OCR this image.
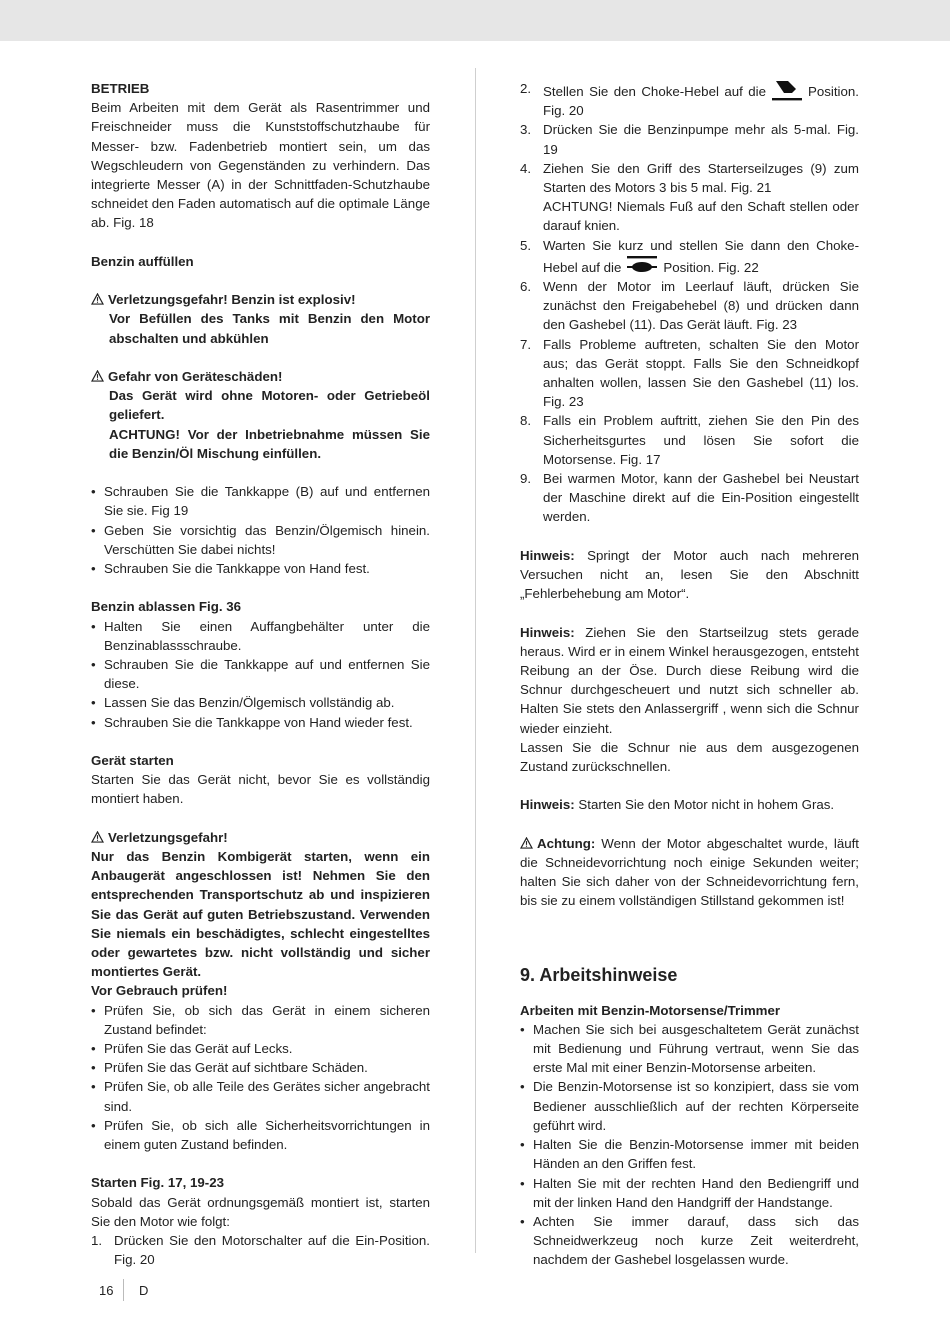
BETRIEB

Beim Arbeiten mit dem Gerät als Rasentrimmer und Freischneider muss die Kunststoffschutzhaube für Messer- bzw. Fadenbetrieb montiert sein, um das Wegschleudern von Gegenständen zu verhindern. Das integrierte Messer (A) in der Schnittfaden-Schutzhaube schneidet den Faden automatisch auf die optimale Länge ab. Fig. 18

Benzin auffüllen

Verletzungsgefahr! Benzin ist explosiv!

Vor Befüllen des Tanks mit Benzin den Motor abschalten und abkühlen

Gefahr von Geräteschäden!

Das Gerät wird ohne Motoren- oder Getriebeöl geliefert.

ACHTUNG! Vor der Inbetriebnahme müssen Sie die Benzin/Öl Mischung einfüllen.

• Schrauben Sie die Tankkappe (B) auf und entfernen Sie sie. Fig 19
• Geben Sie vorsichtig das Benzin/Ölgemisch hinein. Verschütten Sie dabei nichts!
• Schrauben Sie die Tankkappe von Hand fest.

Benzin ablassen Fig. 36

• Halten Sie einen Auffangbehälter unter die Benzinablassschraube.
• Schrauben Sie die Tankkappe auf und entfernen Sie diese.
• Lassen Sie das Benzin/Ölgemisch vollständig ab.
• Schrauben Sie die Tankkappe von Hand wieder fest.

Gerät starten

Starten Sie das Gerät nicht, bevor Sie es vollständig montiert haben.

Verletzungsgefahr!

Nur das Benzin Kombigerät starten, wenn ein Anbaugerät angeschlossen ist! Nehmen Sie den entsprechenden Transportschutz ab und inspizieren Sie das Gerät auf guten Betriebszustand. Verwenden Sie niemals ein beschädigtes, schlecht eingestelltes oder gewartetes bzw. nicht vollständig und sicher montiertes Gerät.

Vor Gebrauch prüfen!

• Prüfen Sie, ob sich das Gerät in einem sicheren Zustand befindet:
• Prüfen Sie das Gerät auf Lecks.
• Prüfen Sie das Gerät auf sichtbare Schäden.
• Prüfen Sie, ob alle Teile des Gerätes sicher angebracht sind.
• Prüfen Sie, ob sich alle Sicherheitsvorrichtungen in einem guten Zustand befinden.

Starten Fig. 17, 19-23

Sobald das Gerät ordnungsgemäß montiert ist, starten Sie den Motor wie folgt:

1. Drücken Sie den Motorschalter auf die Ein-Position. Fig. 20
2. Stellen Sie den Choke-Hebel auf die	Position. Fig. 20
3. Drücken Sie die Benzinpumpe mehr als 5-mal. Fig. 19
4. Ziehen Sie den Griff des Starterseilzuges (9) zum Starten des Motors 3 bis 5 mal. Fig. 21
ACHTUNG! Niemals Fuß auf den Schaft stellen oder darauf knien.
5. Warten Sie kurz und stellen Sie dann den Choke-Hebel auf die	Position. Fig. 22
6. Wenn der Motor im Leerlauf läuft, drücken Sie zunächst den Freigabehebel (8) und drücken dann den Gashebel (11). Das Gerät läuft. Fig. 23
7. Falls Probleme auftreten, schalten Sie den Motor aus; das Gerät stoppt. Falls Sie den Schneidkopf anhalten wollen, lassen Sie den Gashebel (11) los. Fig. 23
8. Falls ein Problem auftritt, ziehen Sie den Pin des Sicherheitsgurtes und lösen Sie sofort die Motorsense. Fig. 17
9. Bei warmen Motor, kann der Gashebel bei Neustart der Maschine direkt auf die Ein-Position eingestellt werden.

Hinweis: Springt der Motor auch nach mehreren Versuchen nicht an, lesen Sie den Abschnitt „Fehlerbehebung am Motor“.

Hinweis: Ziehen Sie den Startseilzug stets gerade heraus. Wird er in einem Winkel herausgezogen, entsteht Reibung an der Öse. Durch diese Reibung wird die Schnur durchgescheuert und nutzt sich schneller ab. Halten Sie stets den Anlassergriff , wenn sich die Schnur wieder einzieht.

Lassen Sie die Schnur nie aus dem ausgezogenen Zustand zurückschnellen.

Hinweis: Starten Sie den Motor nicht in hohem Gras.

Achtung: Wenn der Motor abgeschaltet wurde, läuft die Schneidevorrichtung noch einige Sekunden weiter; halten Sie sich daher von der Schneidevorrichtung fern, bis sie zu einem vollständigen Stillstand gekommen ist!

9. Arbeitshinweise

Arbeiten mit Benzin-Motorsense/Trimmer

• Machen Sie sich bei ausgeschaltetem Gerät zunächst mit Bedienung und Führung vertraut, wenn Sie das erste Mal mit einer Benzin-Motorsense arbeiten.
• Die Benzin-Motorsense ist so konzipiert, dass sie vom Bediener ausschließlich auf der rechten Körperseite geführt wird.
• Halten Sie die Benzin-Motorsense immer mit beiden Händen an den Griffen fest.
• Halten Sie mit der rechten Hand den Bediengriff und mit der linken Hand den Handgriff der Handstange.
• Achten Sie immer darauf, dass sich das Schneidwerkzeug noch kurze Zeit weiterdreht, nachdem der Gashebel losgelassen wurde.
16 D
